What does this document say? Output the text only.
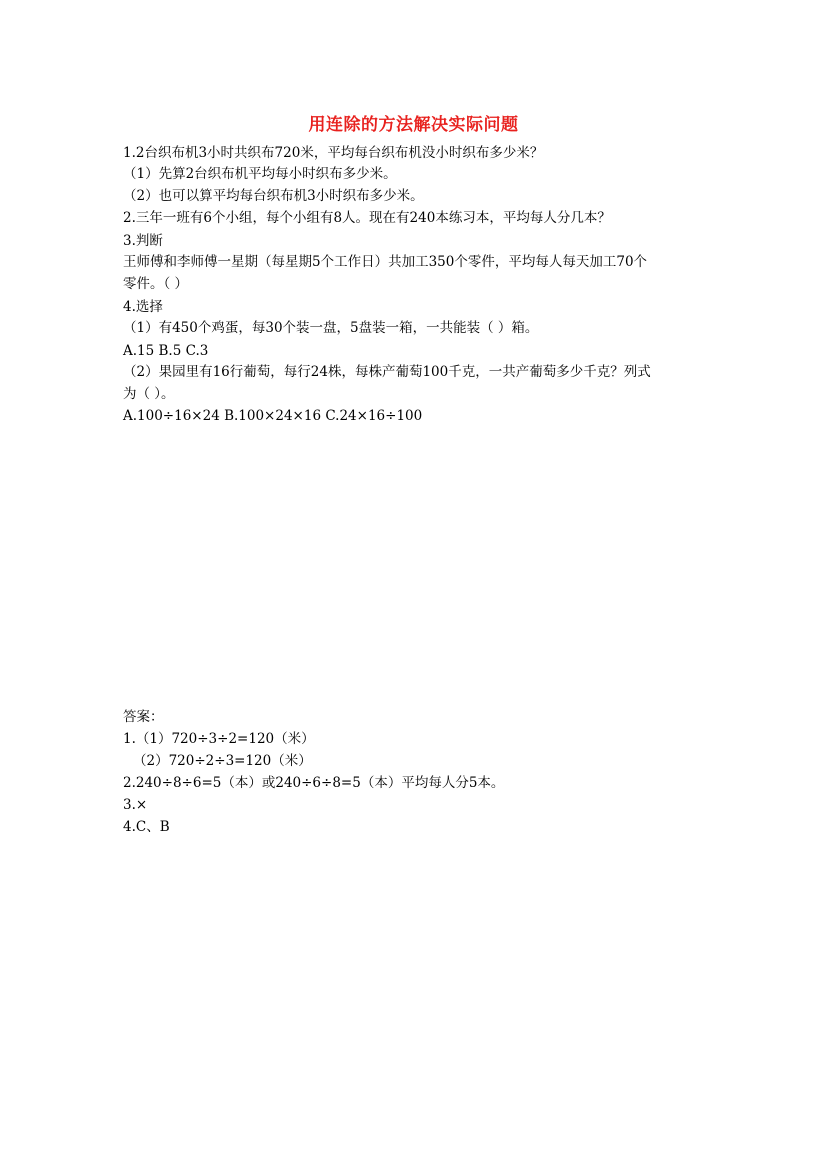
用连除的方法解决实际问题
1.2台织布机3小时共织布720米，平均每台织布机没小时织布多少米？
（1）先算2台织布机平均每小时织布多少米。
（2）也可以算平均每台织布机3小时织布多少米。
2.三年一班有6个小组，每个小组有8人。现在有240本练习本，平均每人分几本？
3.判断
王师傅和李师傅一星期（每星期5个工作日）共加工350个零件，平均每人每天加工70个
零件。（ ）
4.选择
（1）有450个鸡蛋，每30个装一盘，5盘装一箱，一共能装（ ）箱。
A.15 B.5 C.3
（2）果园里有16行葡萄，每行24株，每株产葡萄100千克，一共产葡萄多少千克？列式
为（ ）。
A.100÷16×24 B.100×24×16 C.24×16÷100
答案：
1.（1）720÷3÷2=120（米）
（2）720÷2÷3=120（米）
2.240÷8÷6=5（本）或240÷6÷8=5（本）平均每人分5本。
3.×
4.C、B
